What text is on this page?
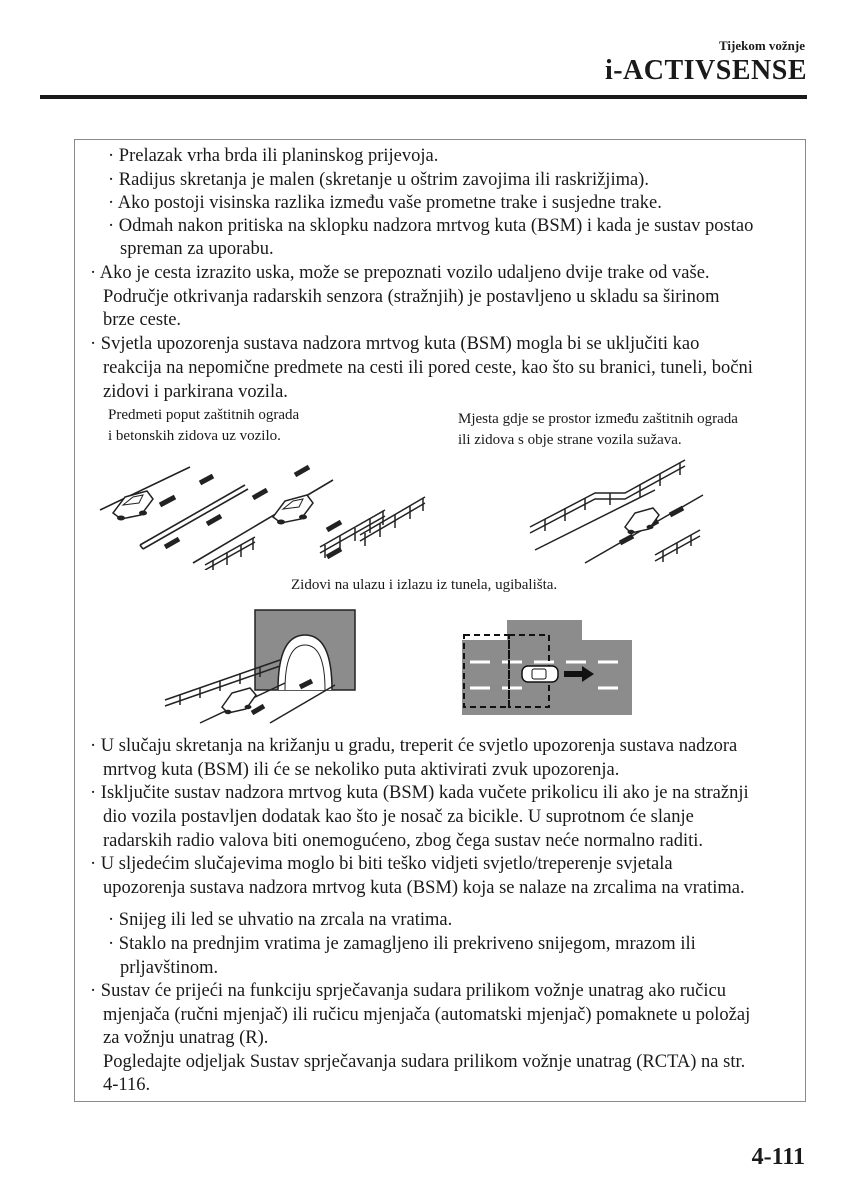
Tijekom vožnje
i-ACTIVSENSE
· Prelazak vrha brda ili planinskog prijevoja.
· Radijus skretanja je malen (skretanje u oštrim zavojima ili raskrižjima).
· Ako postoji visinska razlika između vaše prometne trake i susjedne trake.
· Odmah nakon pritiska na sklopku nadzora mrtvog kuta (BSM) i kada je sustav postao
spreman za uporabu.
· Ako je cesta izrazito uska, može se prepoznati vozilo udaljeno dvije trake od vaše.
Područje otkrivanja radarskih senzora (stražnjih) je postavljeno u skladu sa širinom
brze ceste.
· Svjetla upozorenja sustava nadzora mrtvog kuta (BSM) mogla bi se uključiti kao
reakcija na nepomične predmete na cesti ili pored ceste, kao što su branici, tuneli, bočni
zidovi i parkirana vozila.
Predmeti poput zaštitnih ograda
i betonskih zidova uz vozilo.
Mjesta gdje se prostor između zaštitnih ograda
ili zidova s obje strane vozila sužava.
Zidovi na ulazu i izlazu iz tunela, ugibališta.
· U slučaju skretanja na križanju u gradu, treperit će svjetlo upozorenja sustava nadzora
mrtvog kuta (BSM) ili će se nekoliko puta aktivirati zvuk upozorenja.
· Isključite sustav nadzora mrtvog kuta (BSM) kada vučete prikolicu ili ako je na stražnji
dio vozila postavljen dodatak kao što je nosač za bicikle. U suprotnom će slanje
radarskih radio valova biti onemogućeno, zbog čega sustav neće normalno raditi.
· U sljedećim slučajevima moglo bi biti teško vidjeti svjetlo/treperenje svjetala
upozorenja sustava nadzora mrtvog kuta (BSM) koja se nalaze na zrcalima na vratima.
· Snijeg ili led se uhvatio na zrcala na vratima.
· Staklo na prednjim vratima je zamagljeno ili prekriveno snijegom, mrazom ili
prljavštinom.
· Sustav će prijeći na funkciju sprječavanja sudara prilikom vožnje unatrag ako ručicu
mjenjača (ručni mjenjač) ili ručicu mjenjača (automatski mjenjač) pomaknete u položaj
za vožnju unatrag (R).
Pogledajte odjeljak Sustav sprječavanja sudara prilikom vožnje unatrag (RCTA) na str.
4-116.
4-111
